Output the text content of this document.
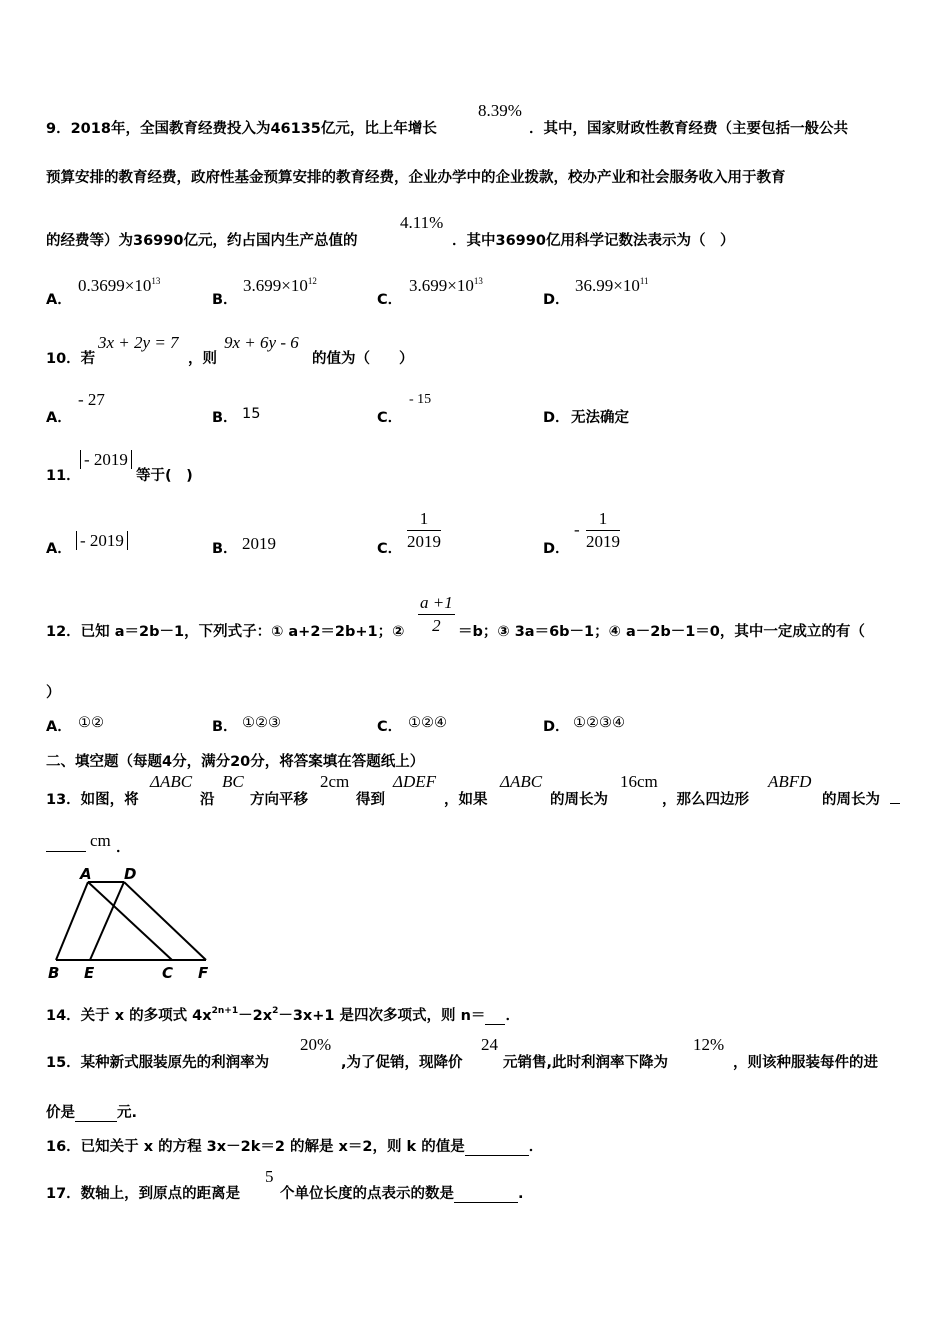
9．2018年，全国教育经费投入为46135亿元，比上年增长
8.39%
．其中，国家财政性教育经费（主要包括一般公共
预算安排的教育经费，政府性基金预算安排的教育经费，企业办学中的企业拨款，校办产业和社会服务收入用于教育
的经费等）为36990亿元，约占国内生产总值的
4.11%
．其中36990亿用科学记数法表示为（　）
A．
$0.3699\times 10^{13}$
B．
$3.699\times 10^{12}$
C．
$3.699\times 10^{13}$
D．
$36.99\times 10^{11}$
10．若
3x + 2y = 7
，则
9x + 6y - 6
的值为（　　）
A．
- 27
B． 15	C．
- 15
D． 无法确定
11．
- 2019
等于(　)
A． - 2019	B． 2019	C． $\frac{1}{2019}$	D．
- $\frac{1}{2019}$
12．已知 a＝2b－1，下列式子：① a+2＝2b+1；② $\frac{a +1}{2} =b$；③ 3a＝6b－1；④ a－2b－1＝0，其中一定成立的有（
）
A． ①②	B． ①②③	C． ①②④	D． ①②③④
二、填空题（每题4分，满分20分，将答案填在答题纸上）
13．如图，将
ΔABC
沿
BC
方向平移
2cm
得到
ΔDEF
，如果
ΔABC
的周长为
16cm
，那么四边形
ABFD
的周长为
cm ．
A D
B E	C F
14．关于 x 的多项式 $4x^{2n+1}-2x^2-3x+1$ 是四次多项式，则 n＝ ．
15．某种新式服装原先的利润率为
20%
,为了促销，现降价
24
元销售,此时利润率下降为
12%
，则该种服装每件的进
价是	元.
16．已知关于 x 的方程 3x－2k＝2 的解是 x＝2，则 k 的值是	．
17．数轴上，到原点的距离是
5
个单位长度的点表示的数是	.
